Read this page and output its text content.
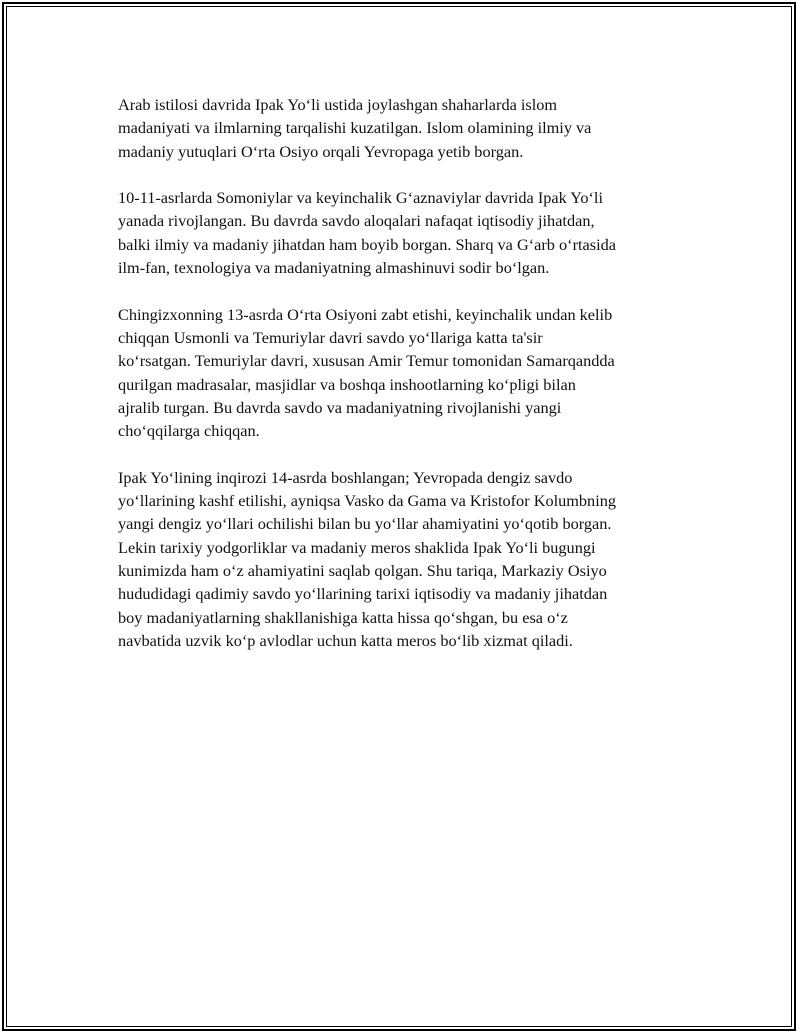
Arab istilosi davrida Ipak Yo‘li ustida joylashgan shaharlarda islom
madaniyati va ilmlarning tarqalishi kuzatilgan. Islom olamining ilmiy va
madaniy yutuqlari O‘rta Osiyo orqali Yevropaga yetib borgan.

10-11-asrlarda Somoniylar va keyinchalik G‘aznaviylar davrida Ipak Yo‘li
yanada rivojlangan. Bu davrda savdo aloqalari nafaqat iqtisodiy jihatdan,
balki ilmiy va madaniy jihatdan ham boyib borgan. Sharq va G‘arb o‘rtasida
ilm-fan, texnologiya va madaniyatning almashinuvi sodir bo‘lgan.

Chingizxonning 13-asrda O‘rta Osiyoni zabt etishi, keyinchalik undan kelib
chiqqan Usmonli va Temuriylar davri savdo yo‘llariga katta ta'sir
ko‘rsatgan. Temuriylar davri, xususan Amir Temur tomonidan Samarqandda
qurilgan madrasalar, masjidlar va boshqa inshootlarning ko‘pligi bilan
ajralib turgan. Bu davrda savdo va madaniyatning rivojlanishi yangi
cho‘qqilarga chiqqan.

Ipak Yo‘lining inqirozi 14-asrda boshlangan; Yevropada dengiz savdo
yo‘llarining kashf etilishi, ayniqsa Vasko da Gama va Kristofor Kolumbning
yangi dengiz yo‘llari ochilishi bilan bu yo‘llar ahamiyatini yo‘qotib borgan.
Lekin tarixiy yodgorliklar va madaniy meros shaklida Ipak Yo‘li bugungi
kunimizda ham o‘z ahamiyatini saqlab qolgan. Shu tariqa, Markaziy Osiyo
hududidagi qadimiy savdo yo‘llarining tarixi iqtisodiy va madaniy jihatdan
boy madaniyatlarning shakllanishiga katta hissa qo‘shgan, bu esa o‘z
navbatida uzvik ko‘p avlodlar uchun katta meros bo‘lib xizmat qiladi.
